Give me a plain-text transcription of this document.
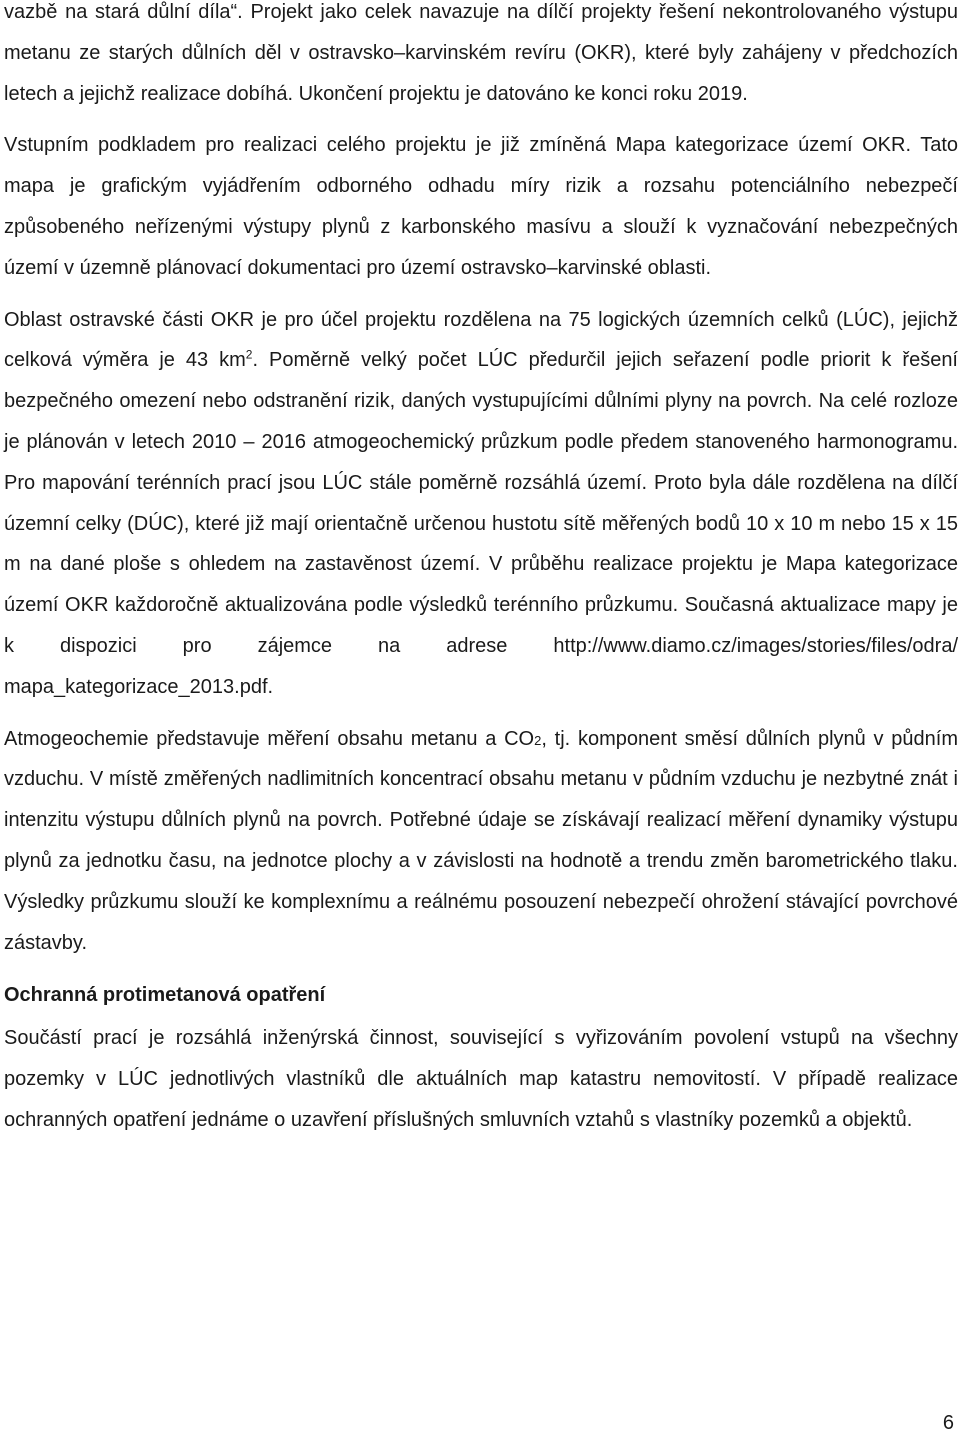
vazbě na stará důlní díla“. Projekt jako celek navazuje na dílčí projekty řešení nekontrolovaného výstupu metanu ze starých důlních děl v ostravsko–karvinském revíru (OKR), které byly zahájeny v předchozích letech a jejichž realizace dobíhá. Ukončení projektu je datováno ke konci roku 2019.

Vstupním podkladem pro realizaci celého projektu je již zmíněná Mapa kategorizace území OKR. Tato mapa je grafickým vyjádřením odborného odhadu míry rizik a rozsahu potenciálního nebezpečí způsobeného neřízenými výstupy plynů z karbonského masívu a slouží k vyznačování nebezpečných území v územně plánovací dokumentaci pro území ostravsko–karvinské oblasti.

Oblast ostravské části OKR je pro účel projektu rozdělena na 75 logických územních celků (LÚC), jejichž celková výměra je 43 $km^2$. Poměrně velký počet LÚC předurčil jejich seřazení podle priorit k řešení bezpečného omezení nebo odstranění rizik, daných vystupujícími důlními plyny na povrch. Na celé rozloze je plánován v letech 2010 – 2016 atmogeochemický průzkum podle předem stanoveného harmonogramu. Pro mapování terénních prací jsou LÚC stále poměrně rozsáhlá území. Proto byla dále rozdělena na dílčí územní celky (DÚC), které již mají orientačně určenou hustotu sítě měřených bodů 10 x 10 m nebo 15 x 15 m na dané ploše s ohledem na zastavěnost území. V průběhu realizace projektu je Mapa kategorizace území OKR každoročně aktualizována podle výsledků terénního průzkumu. Současná aktualizace mapy je k dispozici pro zájemce na adrese http://www.diamo.cz/images/stories/files/odra/ mapa_kategorizace_2013.pdf.

Atmogeochemie představuje měření obsahu metanu a CO2, tj. komponent směsí důlních plynů v půdním vzduchu. V místě změřených nadlimitních koncentrací obsahu metanu v půdním vzduchu je nezbytné znát i intenzitu výstupu důlních plynů na povrch. Potřebné údaje se získávají realizací měření dynamiky výstupu plynů za jednotku času, na jednotce plochy a v závislosti na hodnotě a trendu změn barometrického tlaku. Výsledky průzkumu slouží ke komplexnímu a reálnému posouzení nebezpečí ohrožení stávající povrchové zástavby.

Ochranná protimetanová opatření

Součástí prací je rozsáhlá inženýrská činnost, související s vyřizováním povolení vstupů na všechny pozemky v LÚC jednotlivých vlastníků dle aktuálních map katastru nemovitostí. V případě realizace ochranných opatření jednáme o uzavření příslušných smluvních vztahů s vlastníky pozemků a objektů.

6
